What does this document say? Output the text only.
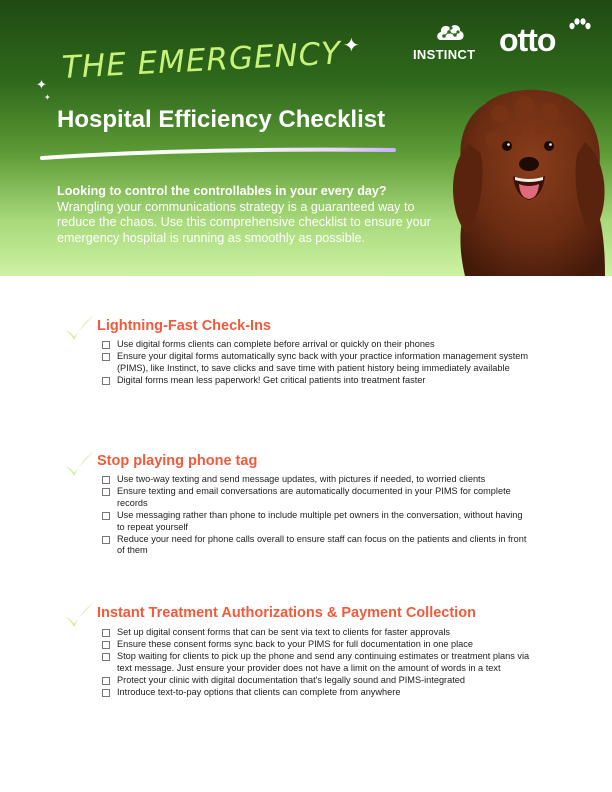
✦
✦
✦
THE EMERGENCY
Hospital Efficiency Checklist
INSTINCT otto
Looking to control the controllables in your every day?
Wrangling your communications strategy is a guaranteed way to reduce the chaos. Use this comprehensive checklist to ensure your emergency hospital is running as smoothly as possible.
Lightning-Fast Check-Ins
Use digital forms clients can complete before arrival or quickly on their phones
Ensure your digital forms automatically sync back with your practice information management system (PIMS), like Instinct, to save clicks and save time with patient history being immediately available
Digital forms mean less paperwork! Get critical patients into treatment faster
Stop playing phone tag
Use two-way texting and send message updates, with pictures if needed, to worried clients
Ensure texting and email conversations are automatically documented in your PIMS for complete records
Use messaging rather than phone to include multiple pet owners in the conversation, without having to repeat yourself
Reduce your need for phone calls overall to ensure staff can focus on the patients and clients in front of them
Instant Treatment Authorizations & Payment Collection
Set up digital consent forms that can be sent via text to clients for faster approvals
Ensure these consent forms sync back to your PIMS for full documentation in one place
Stop waiting for clients to pick up the phone and send any continuing estimates or treatment plans via text message. Just ensure your provider does not have a limit on the amount of words in a text
Protect your clinic with digital documentation that's legally sound and PIMS-integrated
Introduce text-to-pay options that clients can complete from anywhere
